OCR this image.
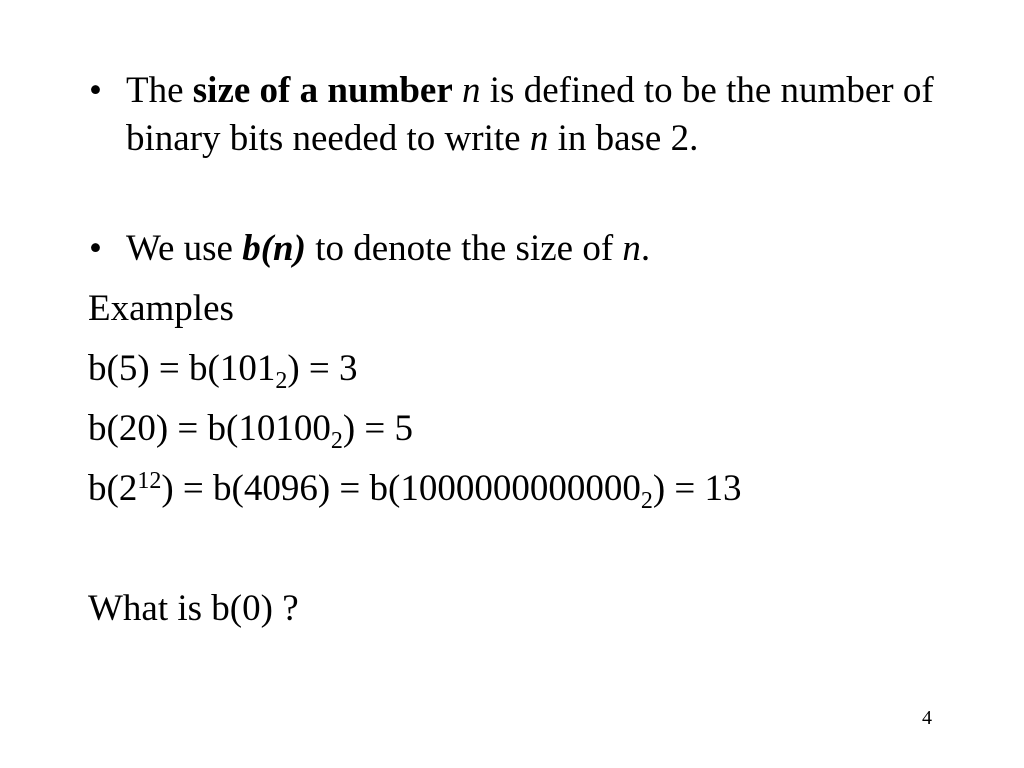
• The size of a number n is defined to be the number of binary bits needed to write n in base 2.
• We use b(n) to denote the size of n.
Examples
$b(5) = b(101_2) = 3$
$b(20) = b(10100_2) = 5$
$b(2^{12}) = b(4096) = b(1000000000000_2) = 13$
What is b(0) ?
4
